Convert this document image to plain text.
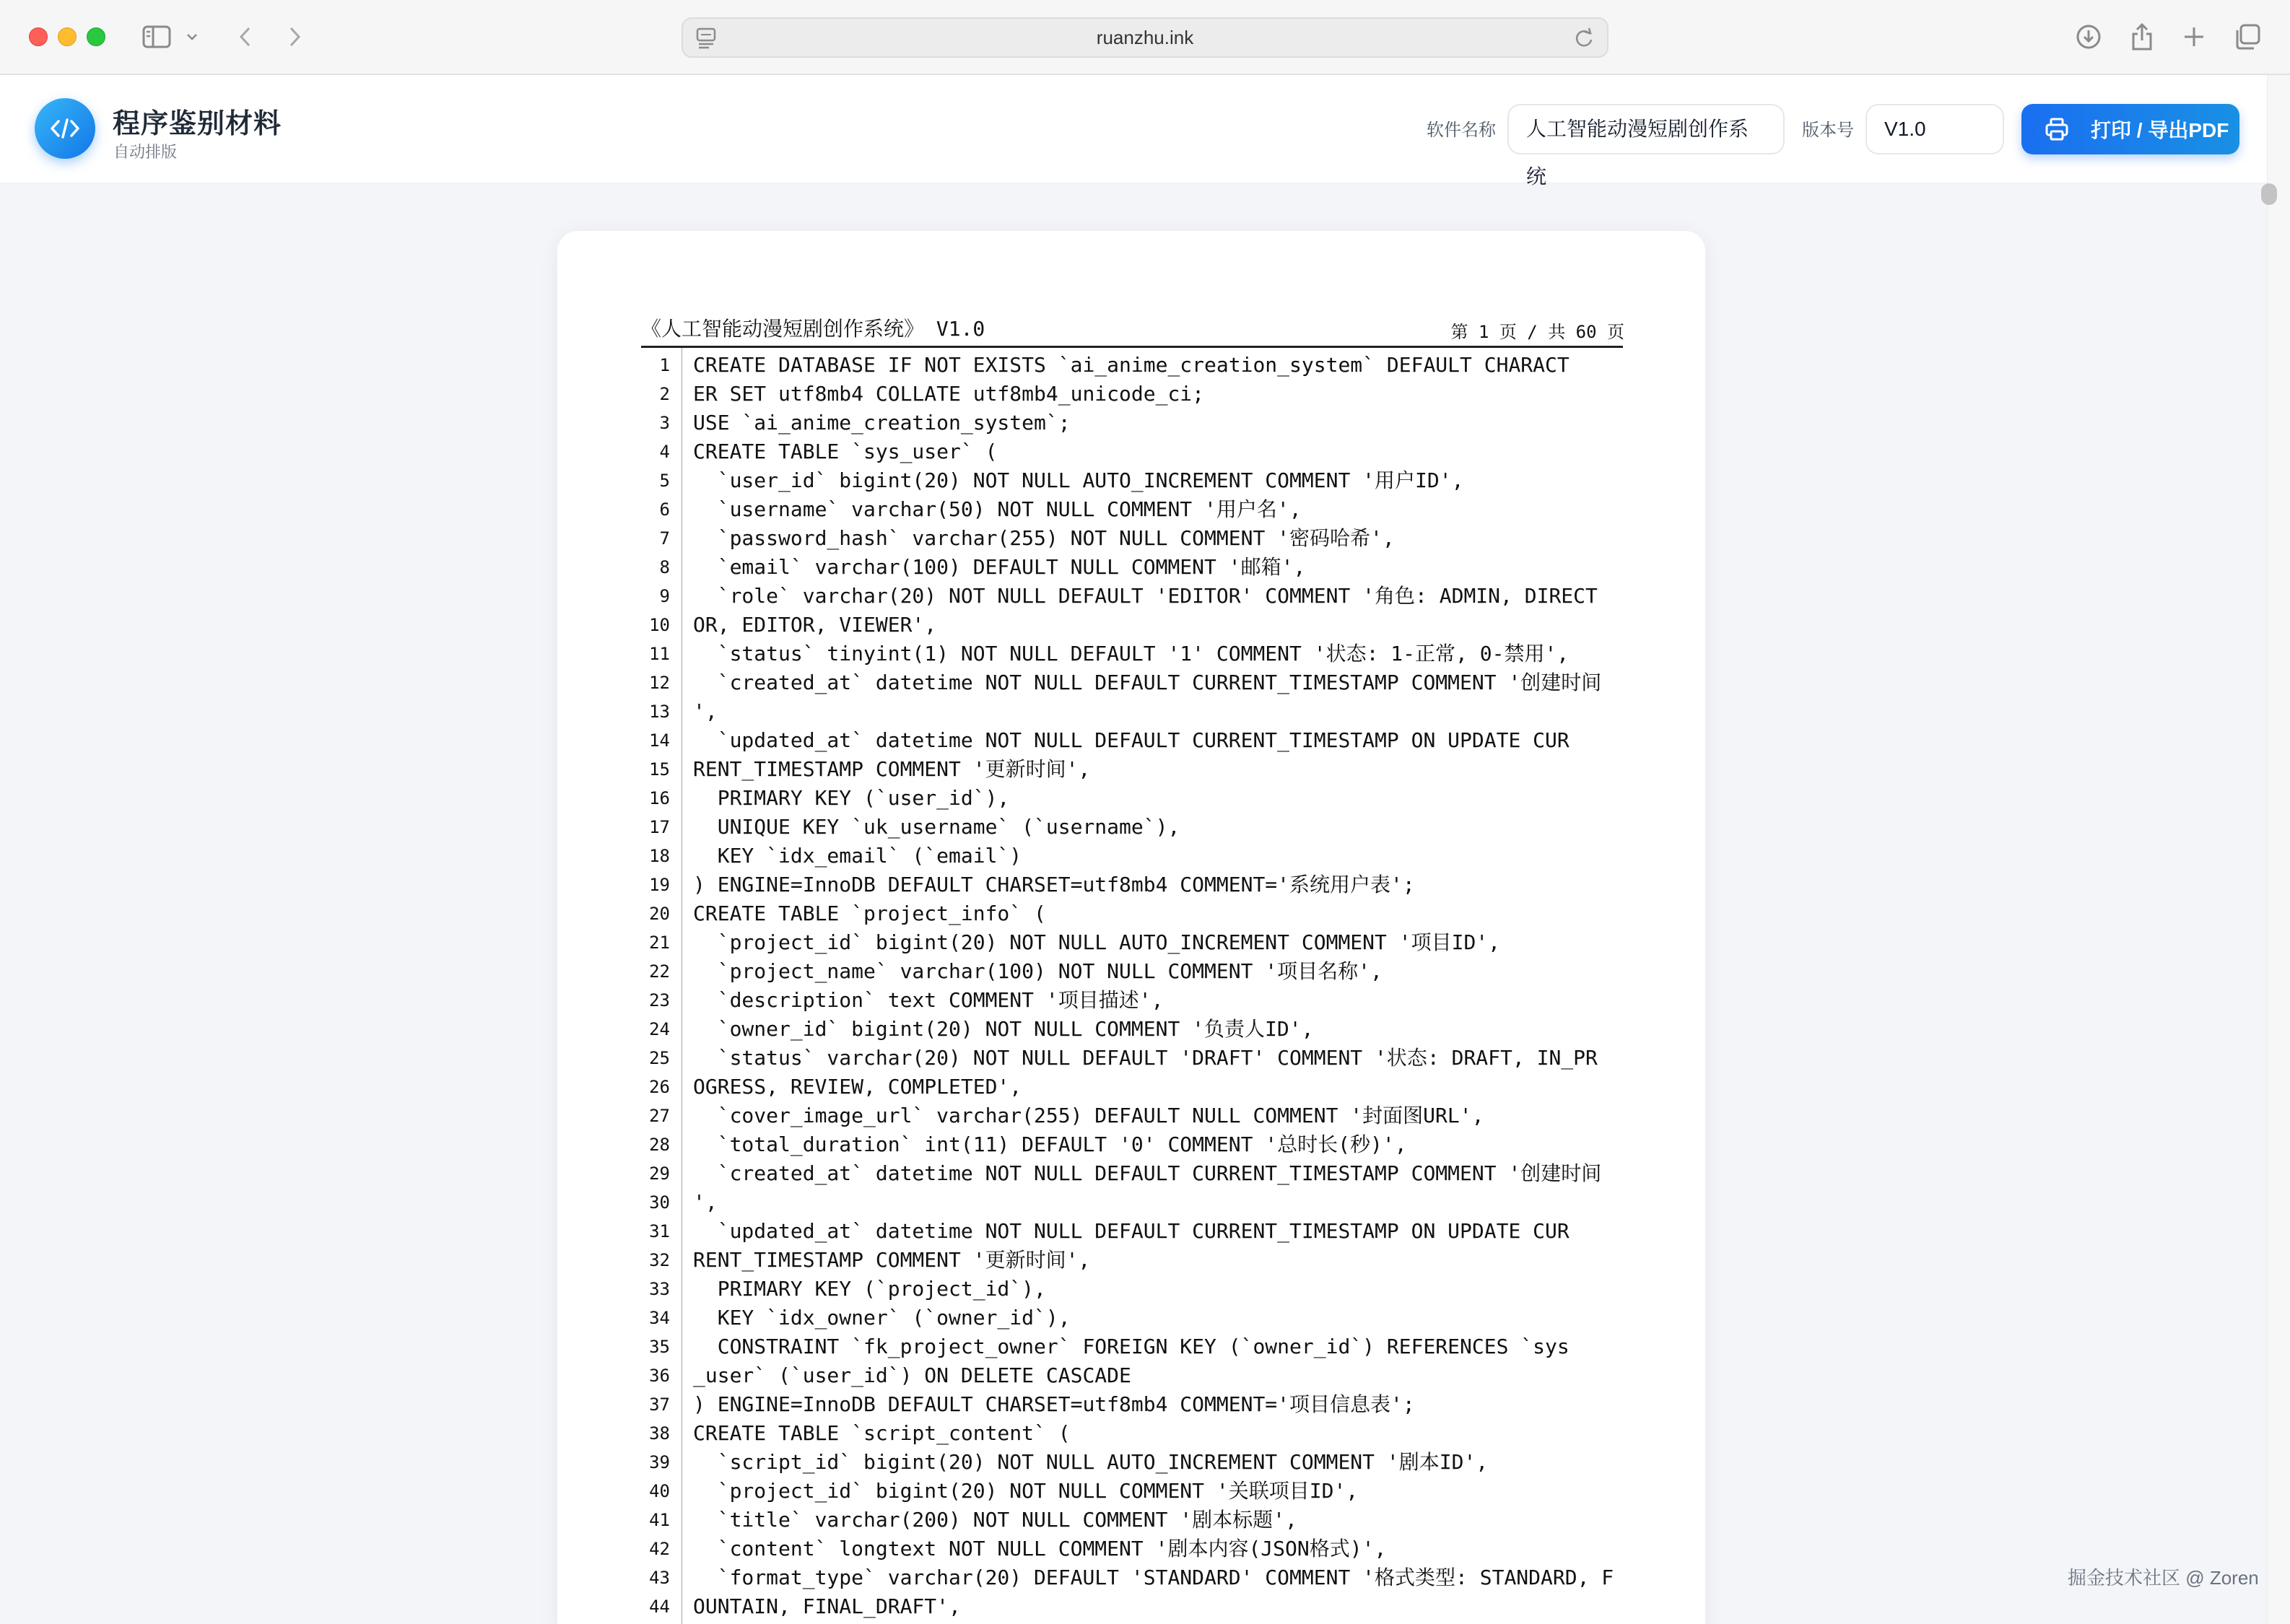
ruanzhu.ink
程序鉴别材料
自动排版
软件名称	人工智能动漫短剧创作系统
版本号	V1.0	打印 / 导出PDF
《人工智能动漫短剧创作系统》 V1.0	第 1 页 / 共 60 页
1	CREATE DATABASE IF NOT EXISTS `ai_anime_creation_system` DEFAULT CHARACT
2	ER SET utf8mb4 COLLATE utf8mb4_unicode_ci;
3	USE `ai_anime_creation_system`;
4	CREATE TABLE `sys_user` (
5	`user_id` bigint(20) NOT NULL AUTO_INCREMENT COMMENT '用户ID',
6	`username` varchar(50) NOT NULL COMMENT '用户名',
7	`password_hash` varchar(255) NOT NULL COMMENT '密码哈希',
8	`email` varchar(100) DEFAULT NULL COMMENT '邮箱',
9	`role` varchar(20) NOT NULL DEFAULT 'EDITOR' COMMENT '角色: ADMIN, DIRECT
10	OR, EDITOR, VIEWER',
11	`status` tinyint(1) NOT NULL DEFAULT '1' COMMENT '状态: 1-正常, 0-禁用',
12	`created_at` datetime NOT NULL DEFAULT CURRENT_TIMESTAMP COMMENT '创建时间
13	',
14	`updated_at` datetime NOT NULL DEFAULT CURRENT_TIMESTAMP ON UPDATE CUR
15	RENT_TIMESTAMP COMMENT '更新时间',
16	PRIMARY KEY (`user_id`),
17	UNIQUE KEY `uk_username` (`username`),
18	KEY `idx_email` (`email`)
19	) ENGINE=InnoDB DEFAULT CHARSET=utf8mb4 COMMENT='系统用户表';
20	CREATE TABLE `project_info` (
21	`project_id` bigint(20) NOT NULL AUTO_INCREMENT COMMENT '项目ID',
22	`project_name` varchar(100) NOT NULL COMMENT '项目名称',
23	`description` text COMMENT '项目描述',
24	`owner_id` bigint(20) NOT NULL COMMENT '负责人ID',
25	`status` varchar(20) NOT NULL DEFAULT 'DRAFT' COMMENT '状态: DRAFT, IN_PR
26	OGRESS, REVIEW, COMPLETED',
27	`cover_image_url` varchar(255) DEFAULT NULL COMMENT '封面图URL',
28	`total_duration` int(11) DEFAULT '0' COMMENT '总时长(秒)',
29	`created_at` datetime NOT NULL DEFAULT CURRENT_TIMESTAMP COMMENT '创建时间
30	',
31	`updated_at` datetime NOT NULL DEFAULT CURRENT_TIMESTAMP ON UPDATE CUR
32	RENT_TIMESTAMP COMMENT '更新时间',
33	PRIMARY KEY (`project_id`),
34	KEY `idx_owner` (`owner_id`),
35	CONSTRAINT `fk_project_owner` FOREIGN KEY (`owner_id`) REFERENCES `sys
36	_user` (`user_id`) ON DELETE CASCADE
37	) ENGINE=InnoDB DEFAULT CHARSET=utf8mb4 COMMENT='项目信息表';
38	CREATE TABLE `script_content` (
39	`script_id` bigint(20) NOT NULL AUTO_INCREMENT COMMENT '剧本ID',
40	`project_id` bigint(20) NOT NULL COMMENT '关联项目ID',
41	`title` varchar(200) NOT NULL COMMENT '剧本标题',
42	`content` longtext NOT NULL COMMENT '剧本内容(JSON格式)',
43	`format_type` varchar(20) DEFAULT 'STANDARD' COMMENT '格式类型: STANDARD, F
44	OUNTAIN, FINAL_DRAFT',
掘金技术社区 @ Zoren
